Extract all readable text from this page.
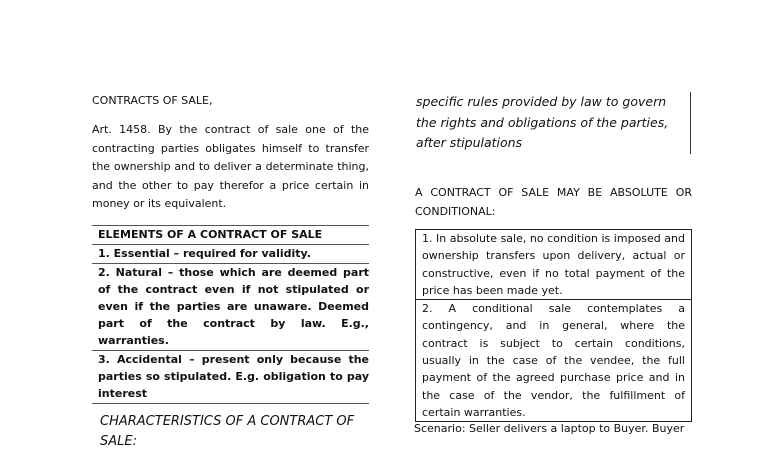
CONTRACTS OF SALE,

Art. 1458. By the contract of sale one of the contracting parties obligates himself to transfer the ownership and to deliver a determinate thing, and the other to pay therefor a price certain in money or its equivalent.

ELEMENTS OF A CONTRACT OF SALE
1. Essential – required for validity.
2. Natural – those which are deemed part of the contract even if not stipulated or even if the parties are unaware. Deemed part of the contract by law. E.g., warranties.
3. Accidental – present only because the parties so stipulated. E.g. obligation to pay interest
CHARACTERISTICS OF A CONTRACT OF SALE:
specific rules provided by law to govern the rights and obligations of the parties, after stipulations

A CONTRACT OF SALE MAY BE ABSOLUTE OR CONDITIONAL:

1. In absolute sale, no condition is imposed and ownership transfers upon delivery, actual or constructive, even if no total payment of the price has been made yet.
2. A conditional sale contemplates a contingency, and in general, where the contract is subject to certain conditions, usually in the case of the vendee, the full payment of the agreed purchase price and in the case of the vendor, the fulfillment of certain warranties.
Scenario: Seller delivers a laptop to Buyer. Buyer
